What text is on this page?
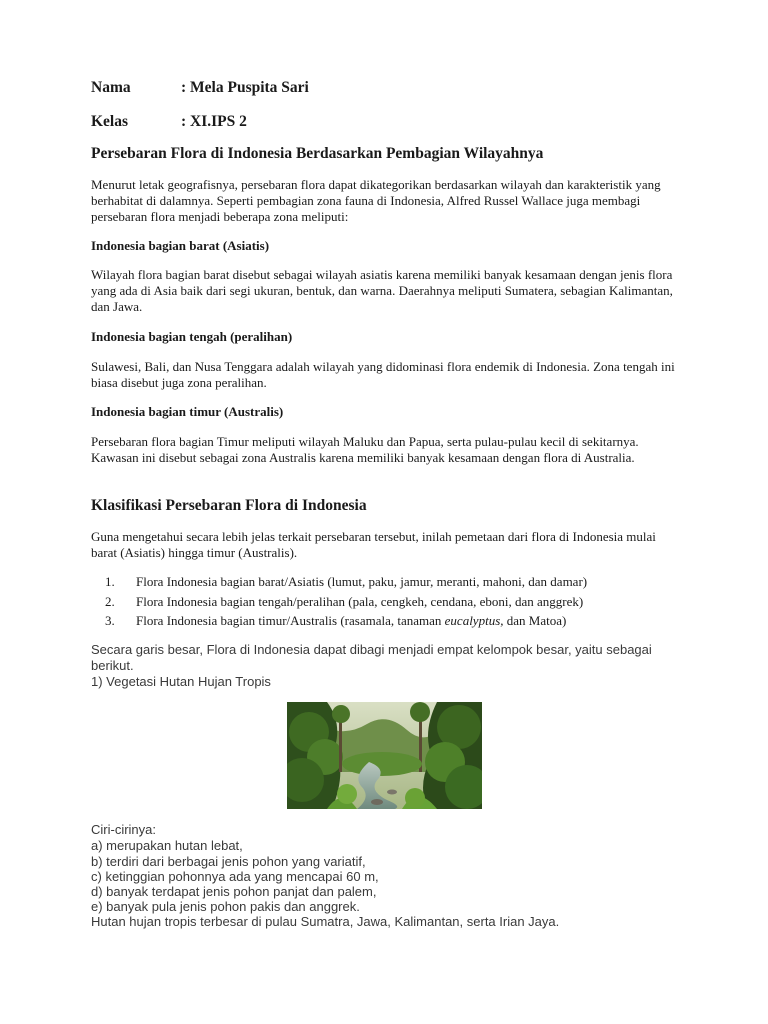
Nama	: Mela Puspita Sari

Kelas	: XI.IPS 2

Persebaran Flora di Indonesia Berdasarkan Pembagian Wilayahnya

Menurut letak geografisnya, persebaran flora dapat dikategorikan berdasarkan wilayah dan karakteristik yang berhabitat di dalamnya. Seperti pembagian zona fauna di Indonesia, Alfred Russel Wallace juga membagi persebaran flora menjadi beberapa zona meliputi:

Indonesia bagian barat (Asiatis)

Wilayah flora bagian barat disebut sebagai wilayah asiatis karena memiliki banyak kesamaan dengan jenis flora yang ada di Asia baik dari segi ukuran, bentuk, dan warna. Daerahnya meliputi Sumatera, sebagian Kalimantan, dan Jawa.

Indonesia bagian tengah (peralihan)

Sulawesi, Bali, dan Nusa Tenggara adalah wilayah yang didominasi flora endemik di Indonesia. Zona tengah ini biasa disebut juga zona peralihan.

Indonesia bagian timur (Australis)

Persebaran flora bagian Timur meliputi wilayah Maluku dan Papua, serta pulau-pulau kecil di sekitarnya. Kawasan ini disebut sebagai zona Australis karena memiliki banyak kesamaan dengan flora di Australia.

Klasifikasi Persebaran Flora di Indonesia

Guna mengetahui secara lebih jelas terkait persebaran tersebut, inilah pemetaan dari flora di Indonesia mulai barat (Asiatis) hingga timur (Australis).

1. Flora Indonesia bagian barat/Asiatis (lumut, paku, jamur, meranti, mahoni, dan damar)

2. Flora Indonesia bagian tengah/peralihan (pala, cengkeh, cendana, eboni, dan anggrek)

3. Flora Indonesia bagian timur/Australis (rasamala, tanaman eucalyptus, dan Matoa)

Secara garis besar, Flora di Indonesia dapat dibagi menjadi empat kelompok besar, yaitu sebagai

berikut.

1) Vegetasi Hutan Hujan Tropis

Ciri-cirinya:

a) merupakan hutan lebat,

b) terdiri dari berbagai jenis pohon yang variatif,

c) ketinggian pohonnya ada yang mencapai 60 m,

d) banyak terdapat jenis pohon panjat dan palem,

e) banyak pula jenis pohon pakis dan anggrek.

Hutan hujan tropis terbesar di pulau Sumatra, Jawa, Kalimantan, serta Irian Jaya.
